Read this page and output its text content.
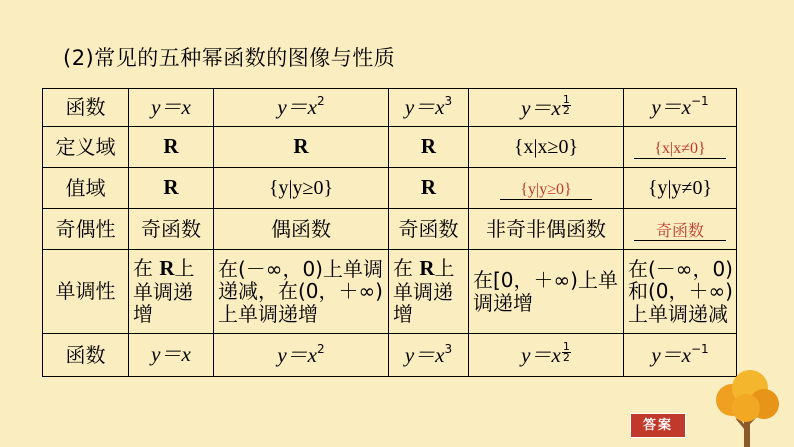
(2)常见的五种幂函数的图像与性质
函数	y＝x	$y=x^2$	$y=x^3$	$y=x \frac{1}{2}$	$y=x^{-1}$
定义域	R	R	R	{x|x≥0}	{x|x≠0}
值域	R	{y|y≥0}	R	{y|y≥0}	{y|y≠0}
奇偶性	奇函数	偶函数	奇函数	非奇非偶函数	奇函数
单调性	在 R上单调递增	在(－∞，0)上单调递减，在(0，＋∞)上单调递增	在 R上单调递增	在[0，＋∞)上单调递增	在(－∞，0)和(0，＋∞)上单调递减
函数	y＝x	$y=x^2$	$y=x^3$	$y=x \frac{1}{2}$	$y=x^{-1}$
答案
